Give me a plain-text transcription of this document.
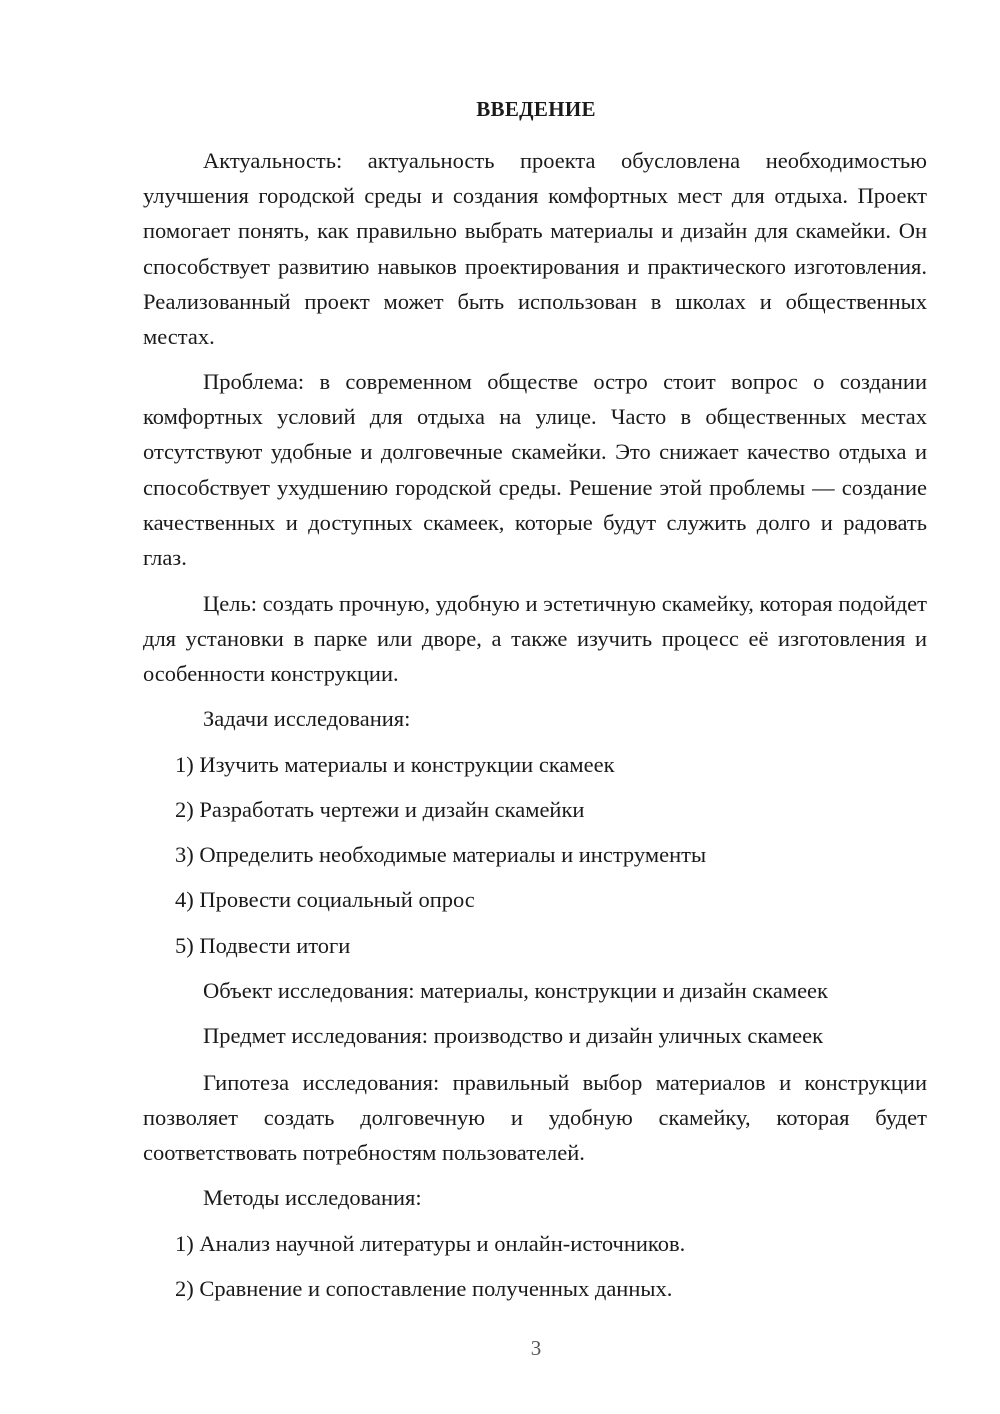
ВВЕДЕНИЕ

Актуальность: актуальность проекта обусловлена необходимостью улучшения городской среды и создания комфортных мест для отдыха. Проект помогает понять, как правильно выбрать материалы и дизайн для скамейки. Он способствует развитию навыков проектирования и практического изготовления. Реализованный проект может быть использован в школах и общественных местах.

Проблема: в современном обществе остро стоит вопрос о создании комфортных условий для отдыха на улице. Часто в общественных местах отсутствуют удобные и долговечные скамейки. Это снижает качество отдыха и способствует ухудшению городской среды. Решение этой проблемы — создание качественных и доступных скамеек, которые будут служить долго и радовать глаз.

Цель: создать прочную, удобную и эстетичную скамейку, которая подойдет для установки в парке или дворе, а также изучить процесс её изготовления и особенности конструкции.

Задачи исследования:
1) Изучить материалы и конструкции скамеек
2) Разработать чертежи и дизайн скамейки
3) Определить необходимые материалы и инструменты
4) Провести социальный опрос
5) Подвести итоги
Объект исследования: материалы, конструкции и дизайн скамеек
Предмет исследования: производство и дизайн уличных скамеек

Гипотеза исследования: правильный выбор материалов и конструкции позволяет создать долговечную и удобную скамейку, которая будет соответствовать потребностям пользователей.

Методы исследования:
1) Анализ научной литературы и онлайн-источников.
2) Сравнение и сопоставление полученных данных.
3
